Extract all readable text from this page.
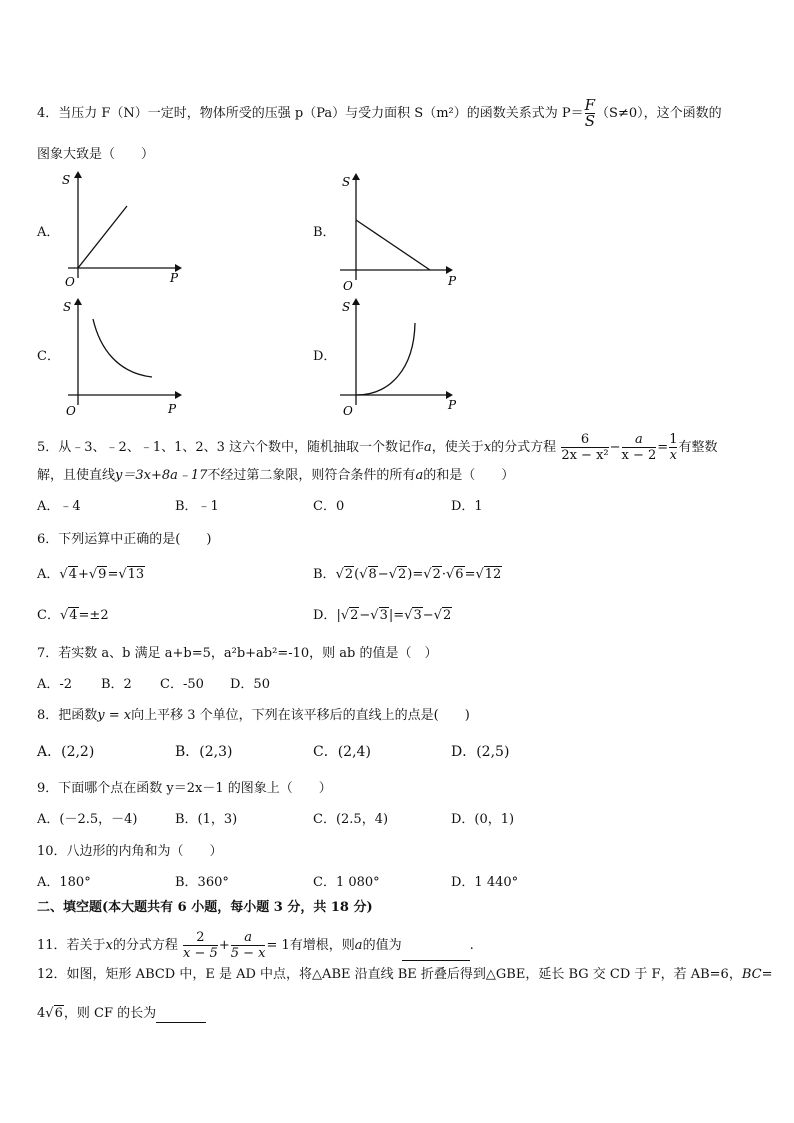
4．当压力 F（N）一定时，物体所受的压强 p（Pa）与受力面积 S（m²）的函数关系式为 $P= \frac{F}{S} (S\ne 0)$，这个函数的
图象大致是（　　）
A．
S
P
O
B．
S
P
O
C．
S
P
O
D．
S
P
O
5．从﹣3、﹣2、﹣1、1、2、3 这六个数中，随机抽取一个数记作a，使关于x的分式方程 $\frac{6}{\text{2x − x²}} - \frac{a}{x - 2} = \frac{1}{x}$ 有整数
解，且使直线y＝3x+8a﹣17不经过第二象限，则符合条件的所有a的和是（　　）
A．﹣4	B．﹣1	C．0	D．1
6．下列运算中正确的是(　　)
A．√4+√9=√13	B．√2(√8−√2)=√2·√6=√12
C．√4=±2	D．|√2−√3|=√3−√2
7．若实数 a、b 满足 a+b=5，a²b+ab²=-10，则 ab 的值是（　）
A．-2 B．2 C．-50 D．50
8．把函数y = x向上平移 3 个单位，下列在该平移后的直线上的点是(　　)
A．(2,2)	B．(2,3)	C．(2,4)	D．(2,5)
9．下面哪个点在函数 y＝2x－1 的图象上（　　）
A．(－2.5，－4)	B．(1，3)	C．(2.5，4)	D．(0，1)
10．八边形的内角和为（　　）
A．180°	B．360°	C．1 080°	D．1 440°
二、填空题(本大题共有 6 小题，每小题 3 分，共 18 分)
11．若关于x的分式方程 $\frac{2}{x - 5} + \frac{a}{5 - x} = 1$有增根，则a的值为	.
12．如图，矩形 ABCD 中，E 是 AD 中点，将△ABE 沿直线 BE 折叠后得到△GBE，延长 BG 交 CD 于 F，若 AB=6，BC=
4√6，则 CF 的长为
